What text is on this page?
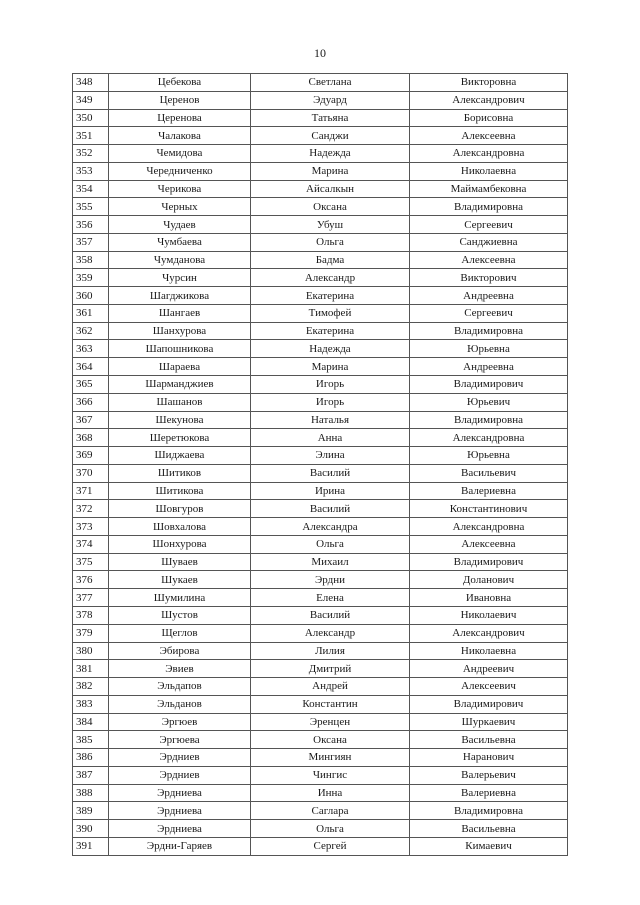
10
348	Цебекова	Светлана	Викторовна
349	Церенов	Эдуард	Александрович
350	Церенова	Татьяна	Борисовна
351	Чалакова	Санджи	Алексеевна
352	Чемидова	Надежда	Александровна
353	Чередниченко	Марина	Николаевна
354	Черикова	Айсалкын	Маймамбековна
355	Черных	Оксана	Владимировна
356	Чудаев	Убуш	Сергеевич
357	Чумбаева	Ольга	Санджиевна
358	Чумданова	Бадма	Алексеевна
359	Чурсин	Александр	Викторович
360	Шагджикова	Екатерина	Андреевна
361	Шангаев	Тимофей	Сергеевич
362	Шанхурова	Екатерина	Владимировна
363	Шапошникова	Надежда	Юрьевна
364	Шараева	Марина	Андреевна
365	Шарманджиев	Игорь	Владимирович
366	Шашанов	Игорь	Юрьевич
367	Шекунова	Наталья	Владимировна
368	Шеретюкова	Анна	Александровна
369	Шиджаева	Элина	Юрьевна
370	Шитиков	Василий	Васильевич
371	Шитикова	Ирина	Валериевна
372	Шовгуров	Василий	Константинович
373	Шовхалова	Александра	Александровна
374	Шонхурова	Ольга	Алексеевна
375	Шуваев	Михаил	Владимирович
376	Шукаев	Эрдни	Доланович
377	Шумилина	Елена	Ивановна
378	Шустов	Василий	Николаевич
379	Щеглов	Александр	Александрович
380	Эбирова	Лилия	Николаевна
381	Эвиев	Дмитрий	Андреевич
382	Эльдапов	Андрей	Алексеевич
383	Эльданов	Константин	Владимирович
384	Эргюев	Эренцен	Шуркаевич
385	Эргюева	Оксана	Васильевна
386	Эрдниев	Мингиян	Наранович
387	Эрдниев	Чингис	Валерьевич
388	Эрдниева	Инна	Валериевна
389	Эрдниева	Саглара	Владимировна
390	Эрдниева	Ольга	Васильевна
391	Эрдни-Гаряев	Сергей	Кимаевич
